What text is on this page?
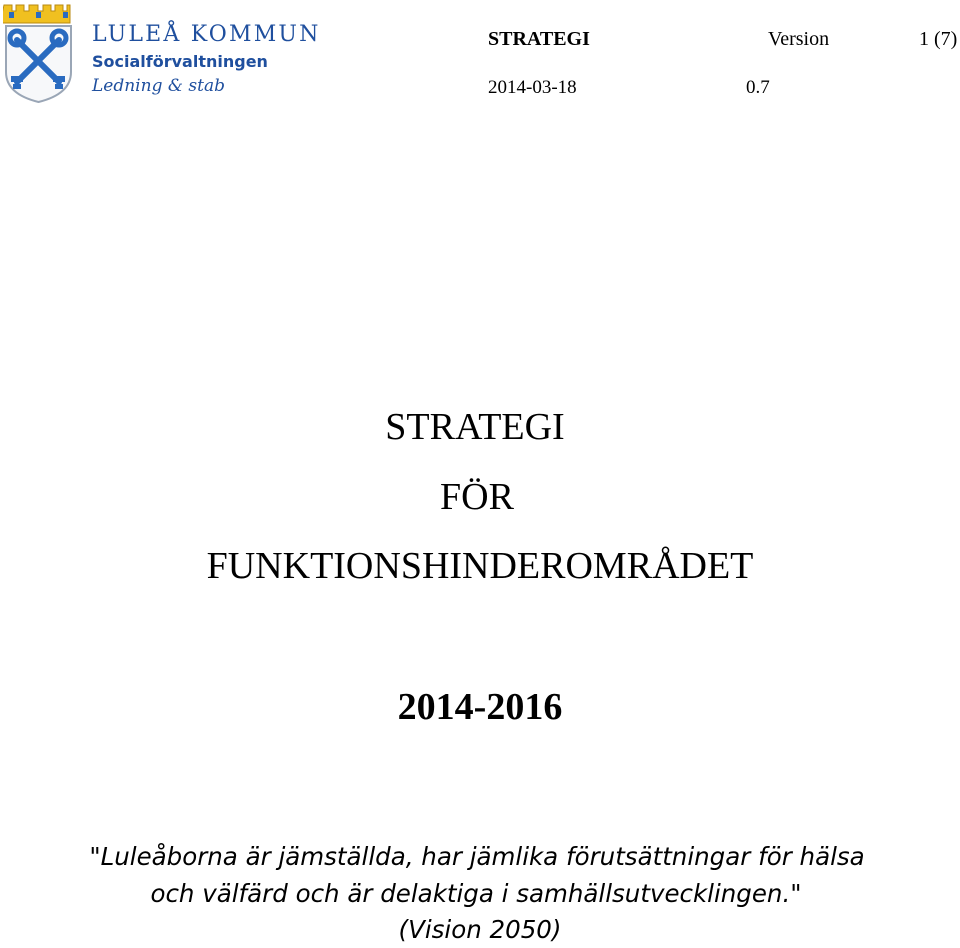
LULEÅ KOMMUN
Socialförvaltningen
Ledning & stab
STRATEGI	Version	1 (7)
2014-03-18	0.7
STRATEGI
FÖR
FUNKTIONSHINDEROMRÅDET
2014-2016
"Luleåborna är jämställda, har jämlika förutsättningar för hälsa
och välfärd och är delaktiga i samhällsutvecklingen."
(Vision 2050)
